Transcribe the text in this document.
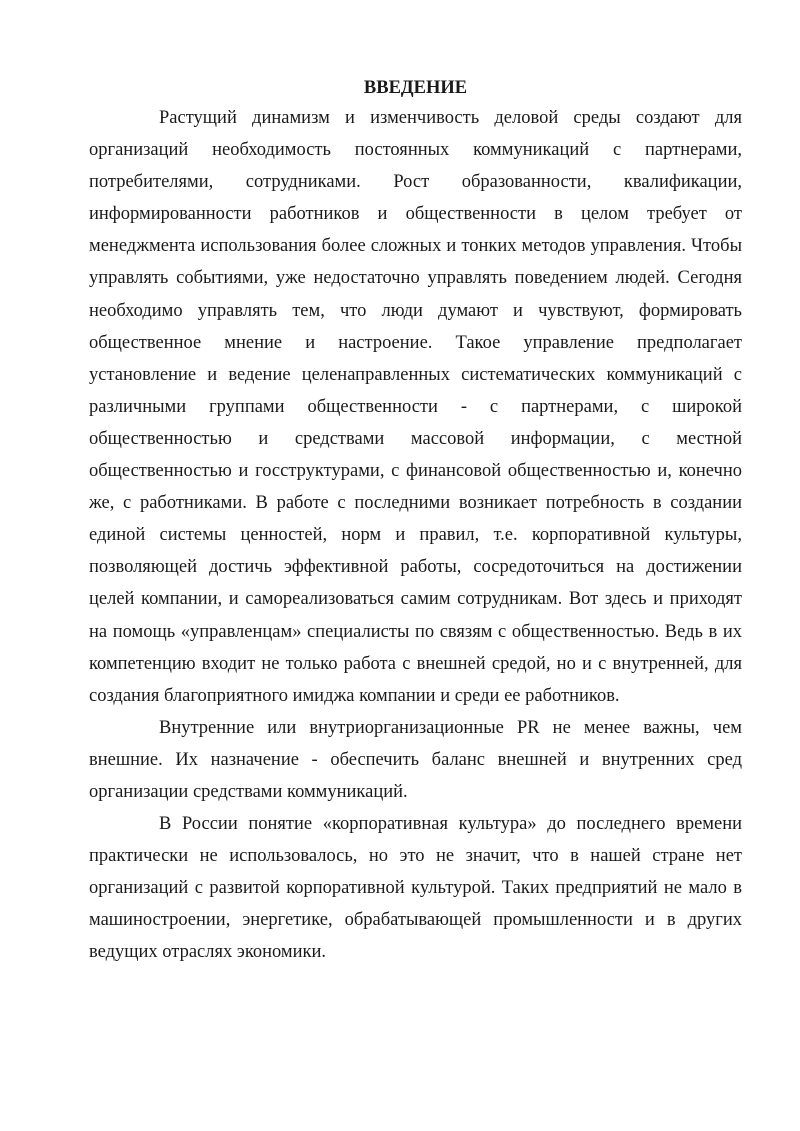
ВВЕДЕНИЕ

Растущий динамизм и изменчивость деловой среды создают для организаций необходимость постоянных коммуникаций с партнерами, потребителями, сотрудниками. Рост образованности, квалификации, информированности работников и общественности в целом требует от менеджмента использования более сложных и тонких методов управления. Чтобы управлять событиями, уже недостаточно управлять поведением людей. Сегодня необходимо управлять тем, что люди думают и чувствуют, формировать общественное мнение и настроение. Такое управление предполагает установление и ведение целенаправленных систематических коммуникаций с различными группами общественности - с партнерами, с широкой общественностью и средствами массовой информации, с местной общественностью и госструктурами, с финансовой общественностью и, конечно же, с работниками. В работе с последними возникает потребность в создании единой системы ценностей, норм и правил, т.е. корпоративной культуры, позволяющей достичь эффективной работы, сосредоточиться на достижении целей компании, и самореализоваться самим сотрудникам. Вот здесь и приходят на помощь «управленцам» специалисты по связям с общественностью. Ведь в их компетенцию входит не только работа с внешней средой, но и с внутренней, для создания благоприятного имиджа компании и среди ее работников.

Внутренние или внутриорганизационные PR не менее важны, чем внешние. Их назначение - обеспечить баланс внешней и внутренних сред организации средствами коммуникаций.

В России понятие «корпоративная культура» до последнего времени практически не использовалось, но это не значит, что в нашей стране нет организаций с развитой корпоративной культурой. Таких предприятий не мало в машиностроении, энергетике, обрабатывающей промышленности и в других ведущих отраслях экономики.
